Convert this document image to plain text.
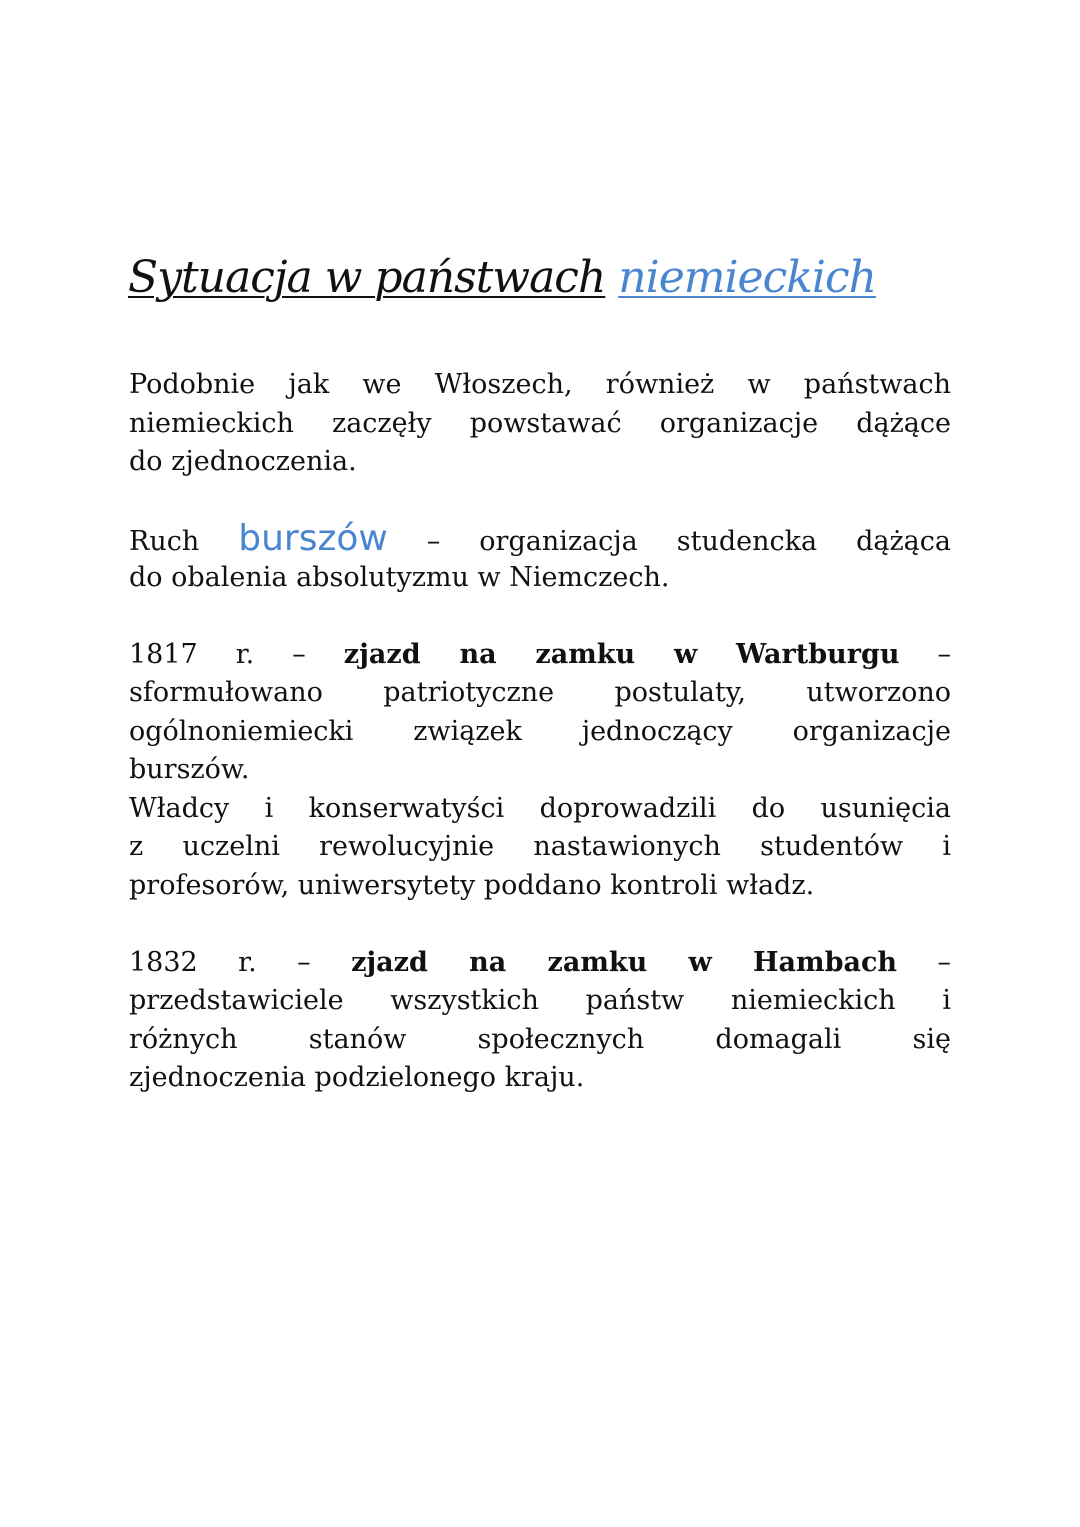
Sytuacja w państwach niemieckich
Podobnie jak we Włoszech, również w państwach
niemieckich zaczęły powstawać organizacje dążące
do zjednoczenia.
Ruch burszów – organizacja studencka dążąca
do obalenia absolutyzmu w Niemczech.
1817 r. – zjazd na zamku w Wartburgu –
sformułowano patriotyczne postulaty, utworzono
ogólnoniemiecki związek jednoczący organizacje
burszów.
Władcy i konserwatyści doprowadzili do usunięcia
z uczelni rewolucyjnie nastawionych studentów i
profesorów, uniwersytety poddano kontroli władz.
1832 r. – zjazd na zamku w Hambach –
przedstawiciele wszystkich państw niemieckich i
różnych stanów społecznych domagali się
zjednoczenia podzielonego kraju.
